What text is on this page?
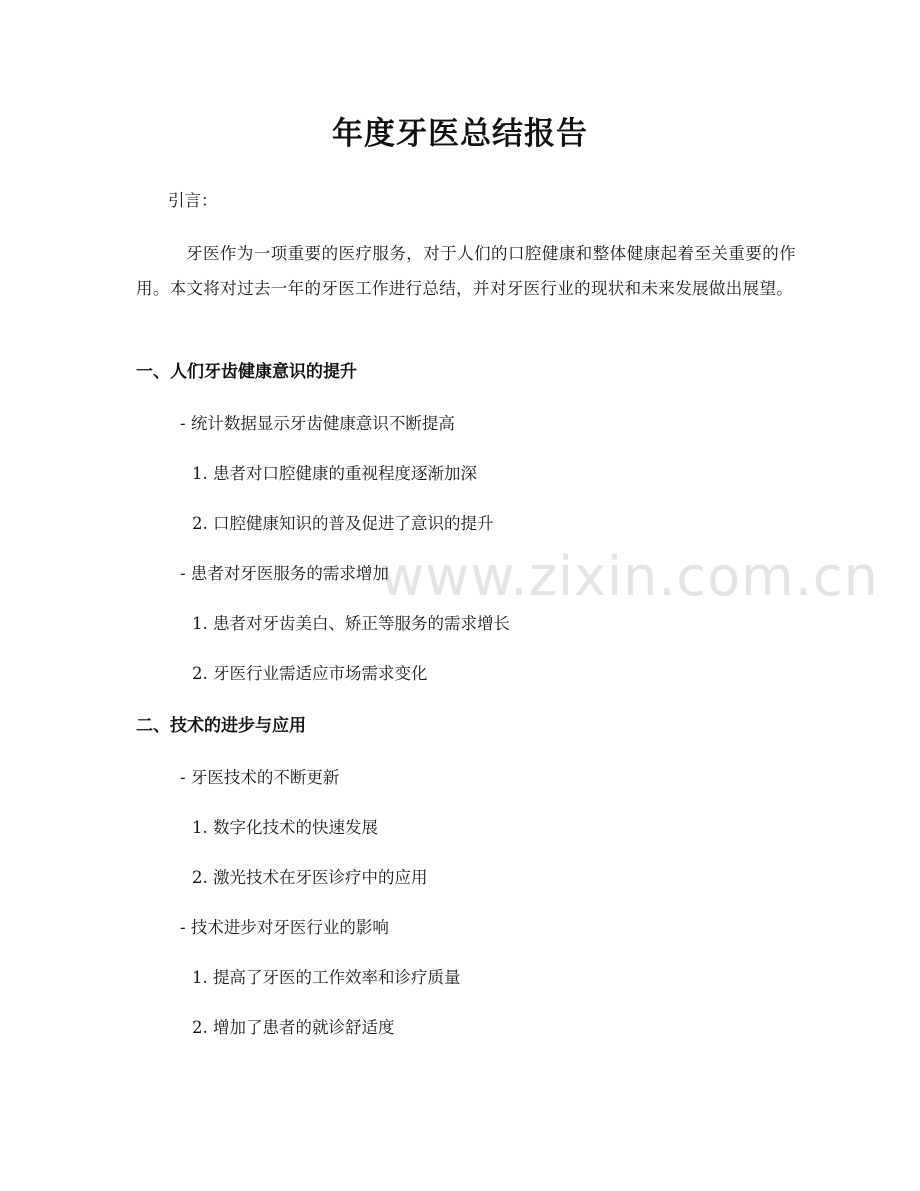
www.zixin.com.cn
年度牙医总结报告
引言：
牙医作为一项重要的医疗服务，对于人们的口腔健康和整体健康起着至关重要的作用。本文将对过去一年的牙医工作进行总结，并对牙医行业的现状和未来发展做出展望。
一、人们牙齿健康意识的提升
- 统计数据显示牙齿健康意识不断提高
1. 患者对口腔健康的重视程度逐渐加深
2. 口腔健康知识的普及促进了意识的提升
- 患者对牙医服务的需求增加
1. 患者对牙齿美白、矫正等服务的需求增长
2. 牙医行业需适应市场需求变化
二、技术的进步与应用
- 牙医技术的不断更新
1. 数字化技术的快速发展
2. 激光技术在牙医诊疗中的应用
- 技术进步对牙医行业的影响
1. 提高了牙医的工作效率和诊疗质量
2. 增加了患者的就诊舒适度
